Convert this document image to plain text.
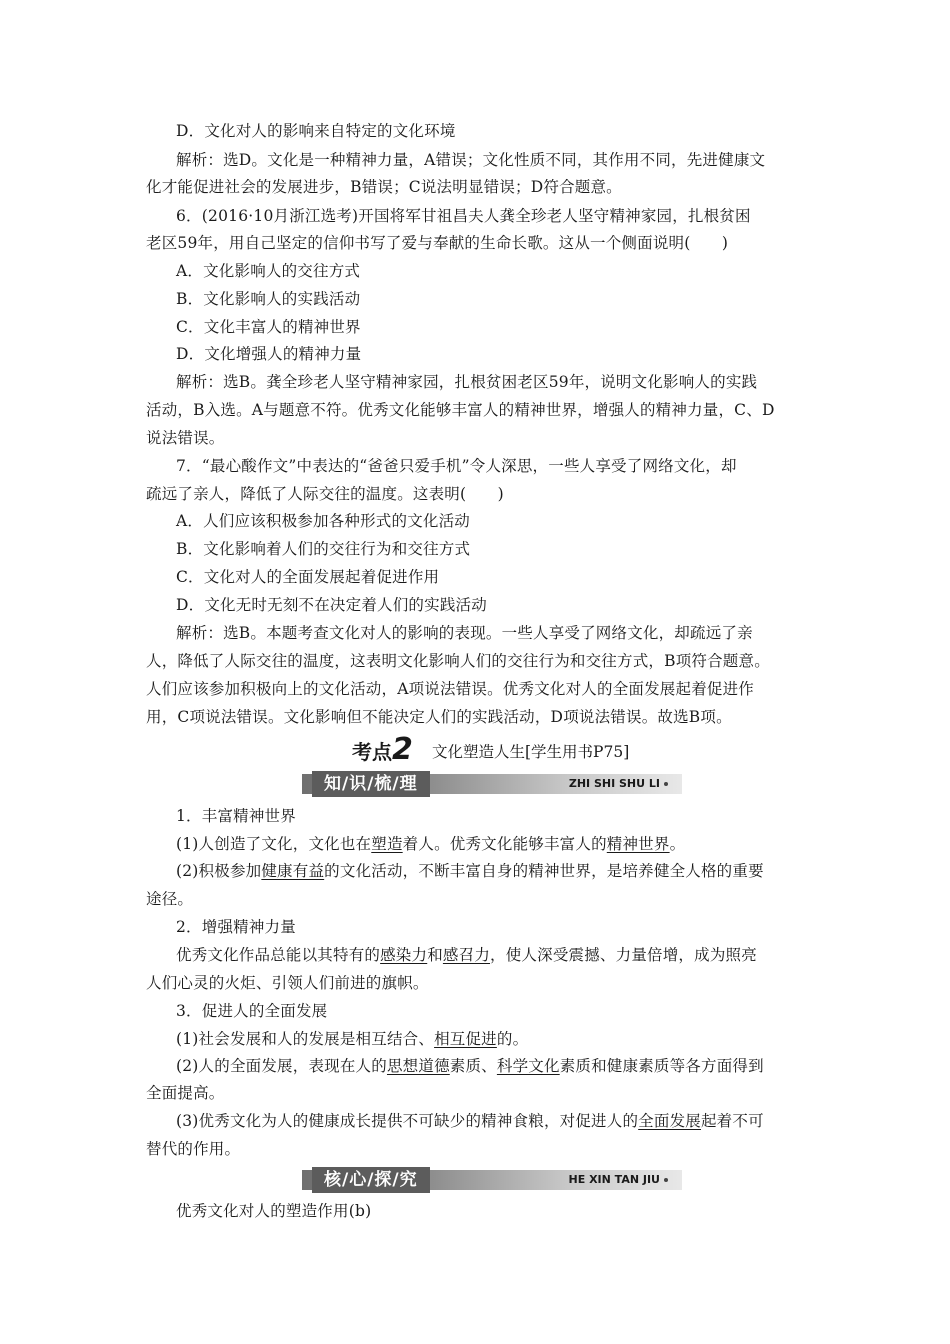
D．文化对人的影响来自特定的文化环境
解析：选D。文化是一种精神力量，A错误；文化性质不同，其作用不同，先进健康文
化才能促进社会的发展进步，B错误；C说法明显错误；D符合题意。
6．(2016·10月浙江选考)开国将军甘祖昌夫人龚全珍老人坚守精神家园，扎根贫困
老区59年，用自己坚定的信仰书写了爱与奉献的生命长歌。这从一个侧面说明(　　)
A．文化影响人的交往方式
B．文化影响人的实践活动
C．文化丰富人的精神世界
D．文化增强人的精神力量
解析：选B。龚全珍老人坚守精神家园，扎根贫困老区59年，说明文化影响人的实践
活动，B入选。A与题意不符。优秀文化能够丰富人的精神世界，增强人的精神力量，C、D
说法错误。
7．“最心酸作文”中表达的“爸爸只爱手机”令人深思，一些人享受了网络文化，却
疏远了亲人，降低了人际交往的温度。这表明(　　)
A．人们应该积极参加各种形式的文化活动
B．文化影响着人们的交往行为和交往方式
C．文化对人的全面发展起着促进作用
D．文化无时无刻不在决定着人们的实践活动
解析：选B。本题考查文化对人的影响的表现。一些人享受了网络文化，却疏远了亲
人，降低了人际交往的温度，这表明文化影响人们的交往行为和交往方式，B项符合题意。
人们应该参加积极向上的文化活动，A项说法错误。优秀文化对人的全面发展起着促进作
用，C项说法错误。文化影响但不能决定人们的实践活动，D项说法错误。故选B项。
考点2 文化塑造人生[学生用书P75]
知/识/梳/理	ZHI SHI SHU LI
1．丰富精神世界
(1)人创造了文化，文化也在塑造着人。优秀文化能够丰富人的精神世界。
(2)积极参加健康有益的文化活动，不断丰富自身的精神世界，是培养健全人格的重要
途径。
2．增强精神力量
优秀文化作品总能以其特有的感染力和感召力，使人深受震撼、力量倍增，成为照亮
人们心灵的火炬、引领人们前进的旗帜。
3．促进人的全面发展
(1)社会发展和人的发展是相互结合、相互促进的。
(2)人的全面发展，表现在人的思想道德素质、科学文化素质和健康素质等各方面得到
全面提高。
(3)优秀文化为人的健康成长提供不可缺少的精神食粮，对促进人的全面发展起着不可
替代的作用。
核/心/探/究	HE XIN TAN JIU
优秀文化对人的塑造作用(b)
